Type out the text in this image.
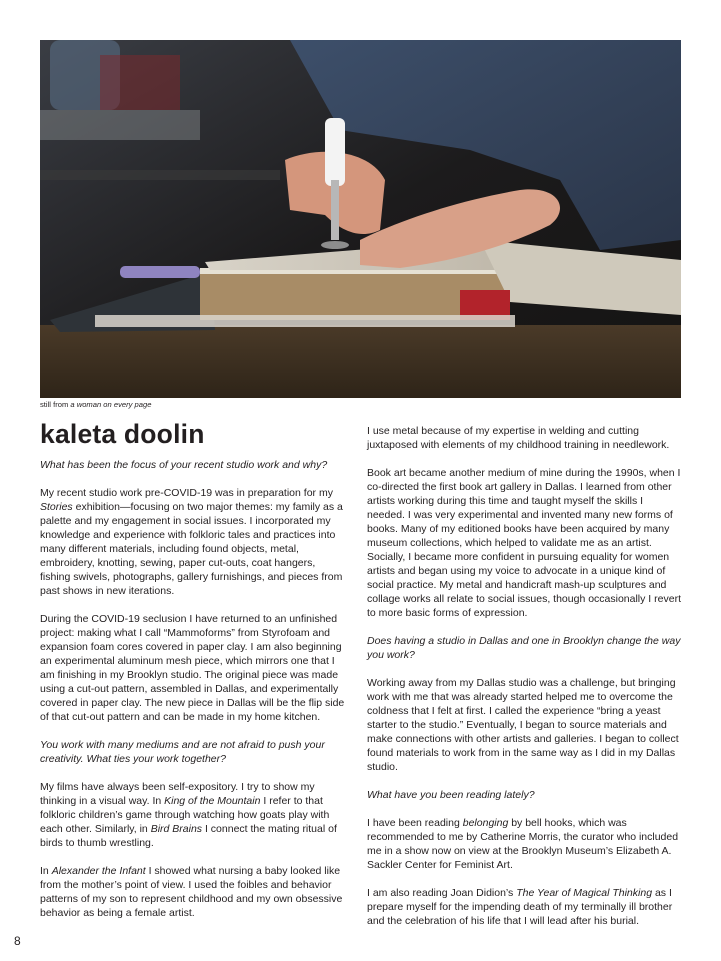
still from a woman on every page
kaleta doolin

What has been the focus of your recent studio work and why?

My recent studio work pre-COVID-19 was in preparation for my Stories exhibition—focusing on two major themes: my family as a palette and my engagement in social issues. I incorporated my knowledge and experience with folkloric tales and practices into many different materials, including found objects, metal, embroidery, knotting, sewing, paper cut-outs, coat hangers, fishing swivels, photographs, gallery furnishings, and pieces from past shows in new iterations.

During the COVID-19 seclusion I have returned to an unfinished project: making what I call “Mammoforms” from Styrofoam and expansion foam cores covered in paper clay. I am also beginning an experimental aluminum mesh piece, which mirrors one that I am finishing in my Brooklyn studio. The original piece was made using a cut-out pattern, assembled in Dallas, and experimentally covered in paper clay. The new piece in Dallas will be the flip side of that cut-out pattern and can be made in my home kitchen.

You work with many mediums and are not afraid to push your creativity. What ties your work together?

My films have always been self-expository. I try to show my thinking in a visual way. In King of the Mountain I refer to that folkloric children’s game through watching how goats play with each other. Similarly, in Bird Brains I connect the mating ritual of birds to thumb wrestling.

In Alexander the Infant I showed what nursing a baby looked like from the mother’s point of view. I used the foibles and behavior patterns of my son to represent childhood and my own obsessive behavior as being a female artist.

I use metal because of my expertise in welding and cutting juxtaposed with elements of my childhood training in needlework.

Book art became another medium of mine during the 1990s, when I co-directed the first book art gallery in Dallas. I learned from other artists working during this time and taught myself the skills I needed. I was very experimental and invented many new forms of books. Many of my editioned books have been acquired by many museum collections, which helped to validate me as an artist. Socially, I became more confident in pursuing equality for women artists and began using my voice to advocate in a unique kind of social practice. My metal and handicraft mash-up sculptures and collage works all relate to social issues, though occasionally I revert to more basic forms of expression.

Does having a studio in Dallas and one in Brooklyn change the way you work?

Working away from my Dallas studio was a challenge, but bringing work with me that was already started helped me to overcome the coldness that I felt at first. I called the experience “bring a yeast starter to the studio.” Eventually, I began to source materials and make connections with other artists and galleries. I began to collect found materials to work from in the same way as I did in my Dallas studio.

What have you been reading lately?

I have been reading belonging by bell hooks, which was recommended to me by Catherine Morris, the curator who included me in a show now on view at the Brooklyn Museum’s Elizabeth A. Sackler Center for Feminist Art.

I am also reading Joan Didion’s The Year of Magical Thinking as I prepare myself for the impending death of my terminally ill brother and the celebration of his life that I will lead after his burial.

8
